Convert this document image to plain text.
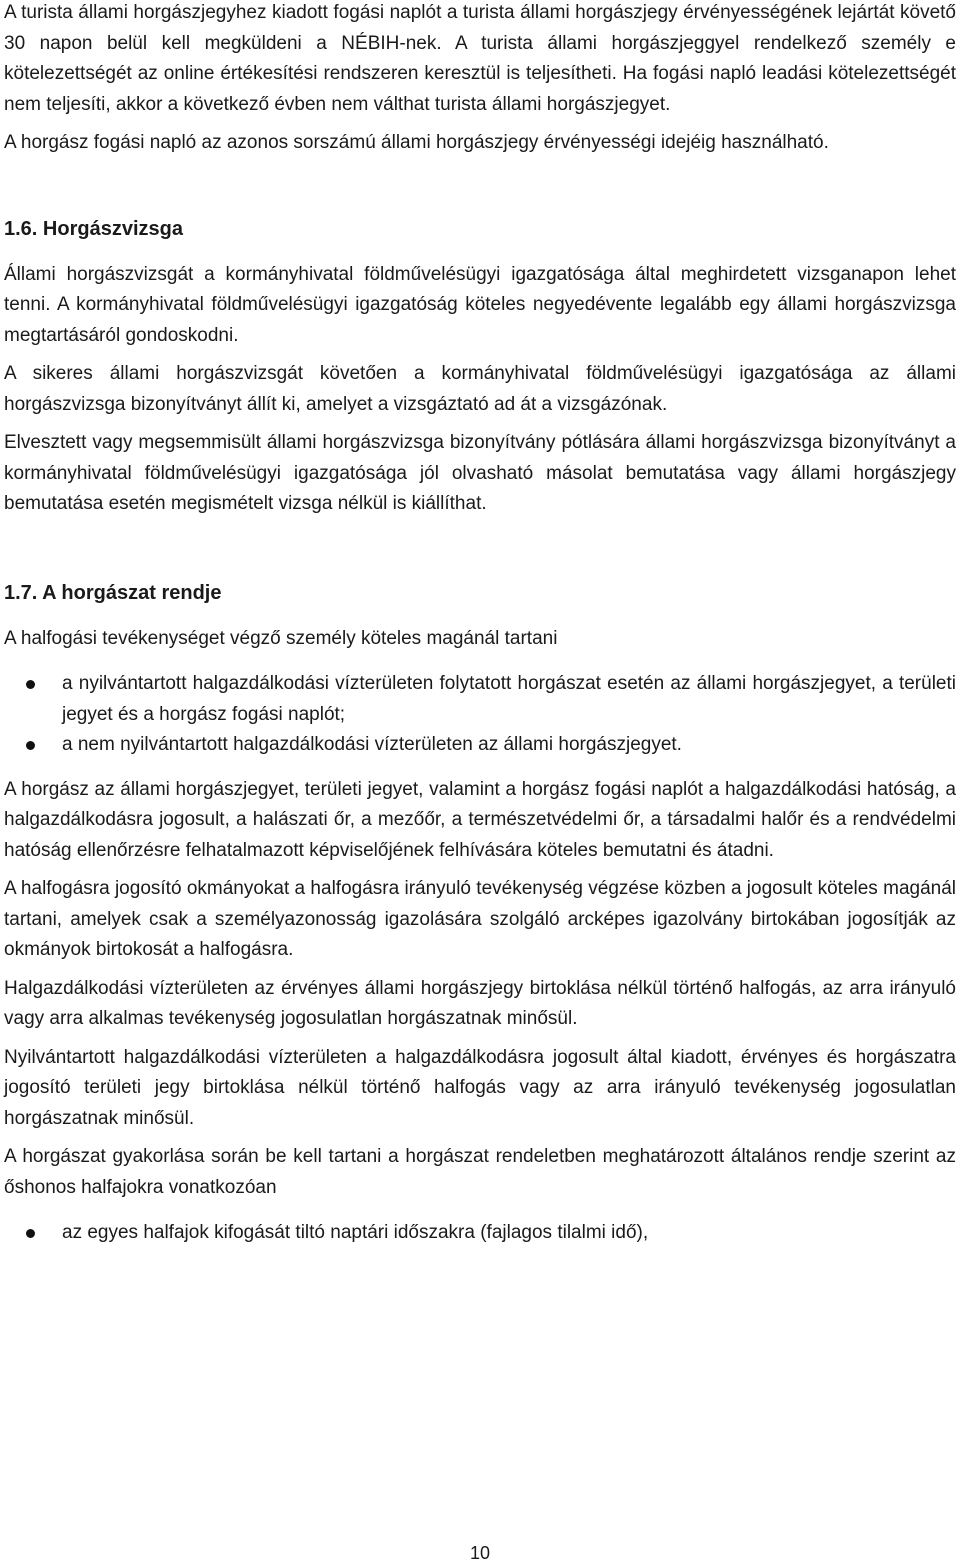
A turista állami horgászjegyhez kiadott fogási naplót a turista állami horgászjegy érvényességének lejártát követő 30 napon belül kell megküldeni a NÉBIH-nek. A turista állami horgászjeggyel rendelkező személy e kötelezettségét az online értékesítési rendszeren keresztül is teljesítheti. Ha fogási napló leadási kötelezettségét nem teljesíti, akkor a következő évben nem válthat turista állami horgászjegyet.

A horgász fogási napló az azonos sorszámú állami horgászjegy érvényességi idejéig használható.

1.6. Horgászvizsga

Állami horgászvizsgát a kormányhivatal földművelésügyi igazgatósága által meghirdetett vizsganapon lehet tenni. A kormányhivatal földművelésügyi igazgatóság köteles negyedévente legalább egy állami horgászvizsga megtartásáról gondoskodni.

A sikeres állami horgászvizsgát követően a kormányhivatal földművelésügyi igazgatósága az állami horgászvizsga bizonyítványt állít ki, amelyet a vizsgáztató ad át a vizsgázónak.

Elvesztett vagy megsemmisült állami horgászvizsga bizonyítvány pótlására állami horgászvizsga bizonyítványt a kormányhivatal földművelésügyi igazgatósága jól olvasható másolat bemutatása vagy állami horgászjegy bemutatása esetén megismételt vizsga nélkül is kiállíthat.

1.7. A horgászat rendje

A halfogási tevékenységet végző személy köteles magánál tartani

a nyilvántartott halgazdálkodási vízterületen folytatott horgászat esetén az állami horgászjegyet, a területi jegyet és a horgász fogási naplót;
a nem nyilvántartott halgazdálkodási vízterületen az állami horgászjegyet.

A horgász az állami horgászjegyet, területi jegyet, valamint a horgász fogási naplót a halgazdálkodási hatóság, a halgazdálkodásra jogosult, a halászati őr, a mezőőr, a természetvédelmi őr, a társadalmi halőr és a rendvédelmi hatóság ellenőrzésre felhatalmazott képviselőjének felhívására köteles bemutatni és átadni.

A halfogásra jogosító okmányokat a halfogásra irányuló tevékenység végzése közben a jogosult köteles magánál tartani, amelyek csak a személyazonosság igazolására szolgáló arcképes igazolvány birtokában jogosítják az okmányok birtokosát a halfogásra.

Halgazdálkodási vízterületen az érvényes állami horgászjegy birtoklása nélkül történő halfogás, az arra irányuló vagy arra alkalmas tevékenység jogosulatlan horgászatnak minősül.

Nyilvántartott halgazdálkodási vízterületen a halgazdálkodásra jogosult által kiadott, érvényes és horgászatra jogosító területi jegy birtoklása nélkül történő halfogás vagy az arra irányuló tevékenység jogosulatlan horgászatnak minősül.

A horgászat gyakorlása során be kell tartani a horgászat rendeletben meghatározott általános rendje szerint az őshonos halfajokra vonatkozóan

az egyes halfajok kifogását tiltó naptári időszakra (fajlagos tilalmi idő),
10
